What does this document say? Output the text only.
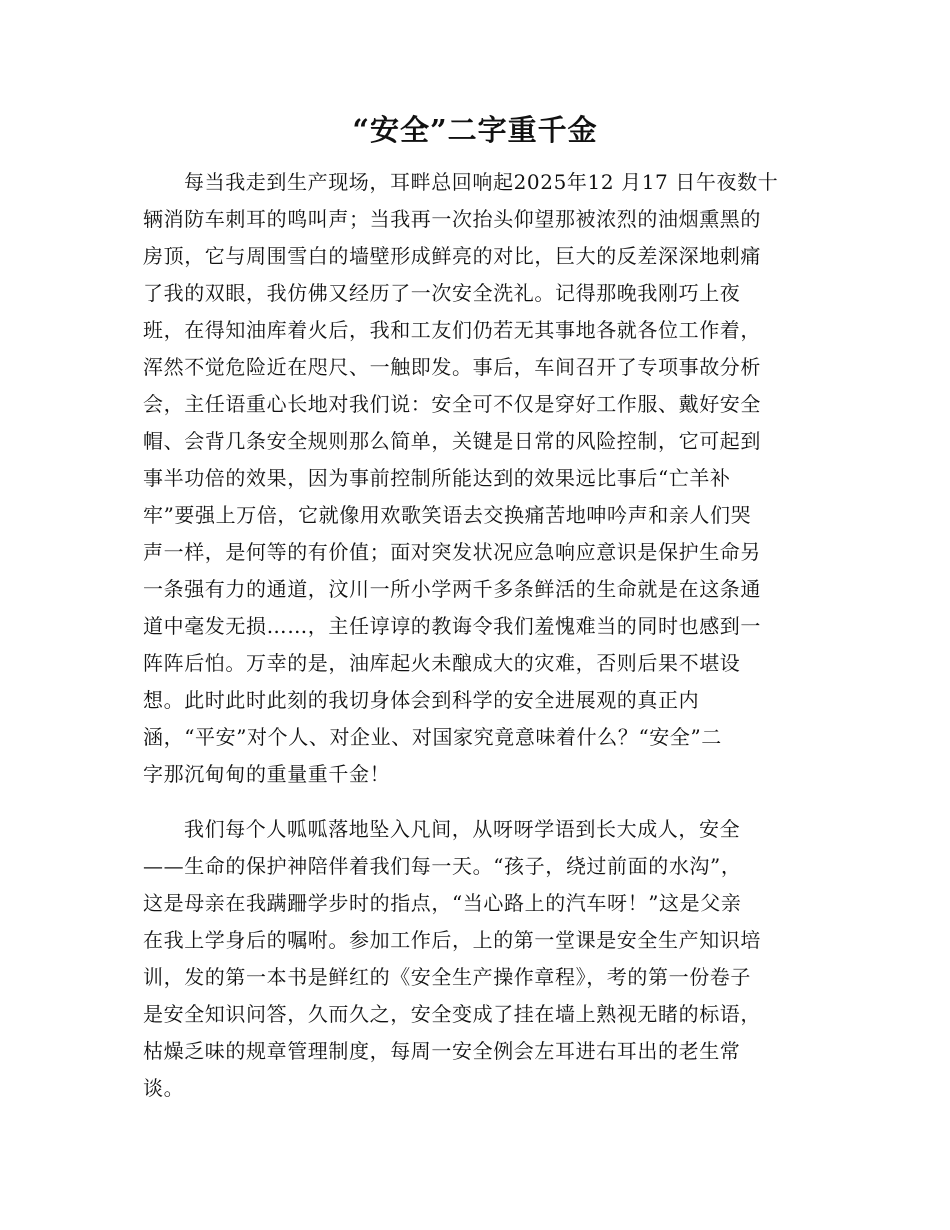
“安全”二字重千金
每当我走到生产现场，耳畔总回响起2025年12 月17 日午夜数十
辆消防车刺耳的鸣叫声；当我再一次抬头仰望那被浓烈的油烟熏黑的
房顶，它与周围雪白的墙壁形成鲜亮的对比，巨大的反差深深地刺痛
了我的双眼，我仿佛又经历了一次安全洗礼。记得那晚我刚巧上夜
班，在得知油库着火后，我和工友们仍若无其事地各就各位工作着，
浑然不觉危险近在咫尺、一触即发。事后，车间召开了专项事故分析
会，主任语重心长地对我们说：安全可不仅是穿好工作服、戴好安全
帽、会背几条安全规则那么简单，关键是日常的风险控制，它可起到
事半功倍的效果，因为事前控制所能达到的效果远比事后“亡羊补
牢”要强上万倍，它就像用欢歌笑语去交换痛苦地呻吟声和亲人们哭
声一样，是何等的有价值；面对突发状况应急响应意识是保护生命另
一条强有力的通道，汶川一所小学两千多条鲜活的生命就是在这条通
道中毫发无损……，主任谆谆的教诲令我们羞愧难当的同时也感到一
阵阵后怕。万幸的是，油库起火未酿成大的灾难，否则后果不堪设
想。此时此时此刻的我切身体会到科学的安全进展观的真正内
涵，“平安”对个人、对企业、对国家究竟意味着什么？“安全”二
字那沉甸甸的重量重千金！
我们每个人呱呱落地坠入凡间，从呀呀学语到长大成人，安全
——生命的保护神陪伴着我们每一天。“孩子，绕过前面的水沟”，
这是母亲在我蹒跚学步时的指点，“当心路上的汽车呀！”这是父亲
在我上学身后的嘱咐。参加工作后，上的第一堂课是安全生产知识培
训，发的第一本书是鲜红的《安全生产操作章程》，考的第一份卷子
是安全知识问答，久而久之，安全变成了挂在墙上熟视无睹的标语，
枯燥乏味的规章管理制度，每周一安全例会左耳进右耳出的老生常
谈。
